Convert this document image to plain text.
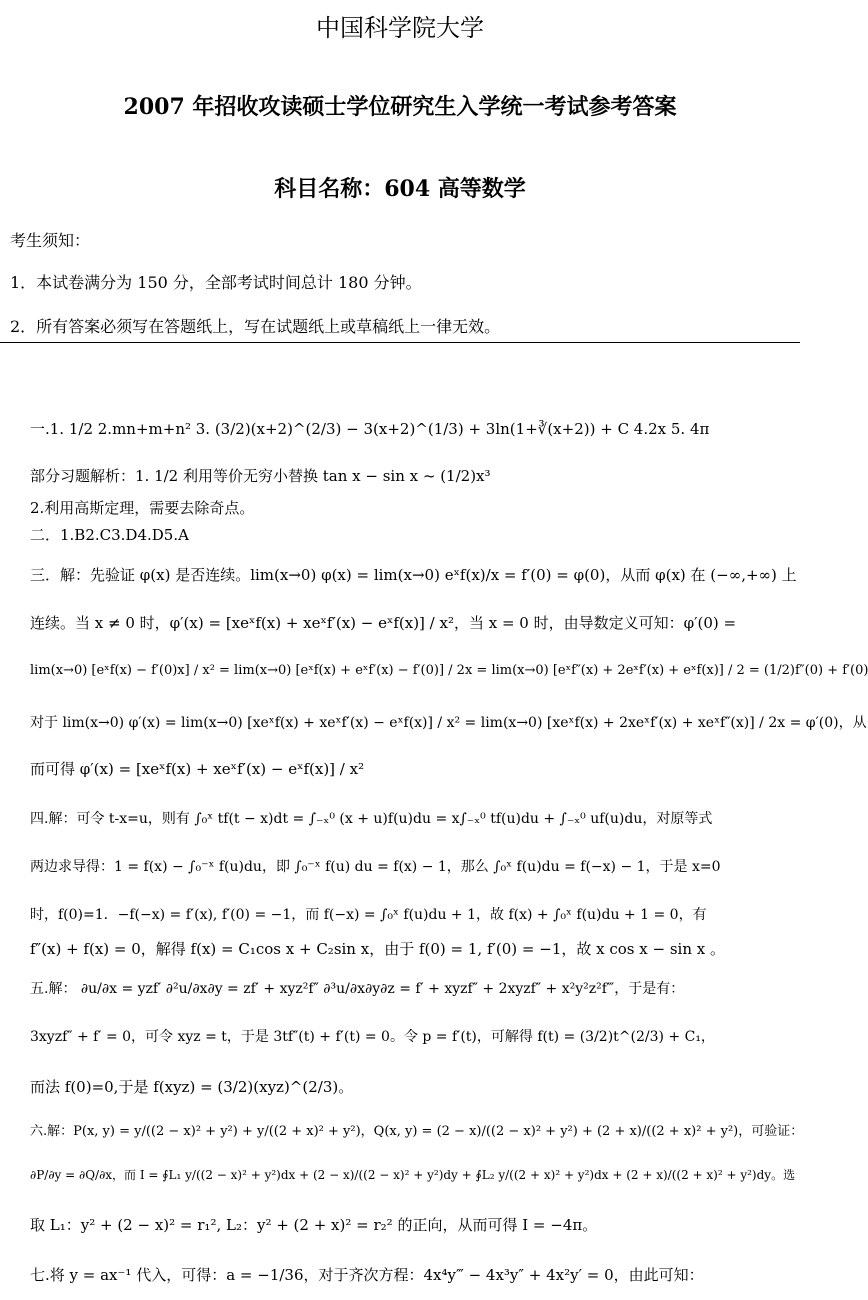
中国科学院大学
2007 年招收攻读硕士学位研究生入学统一考试参考答案
科目名称：604 高等数学
考生须知：
1．本试卷满分为 150 分，全部考试时间总计 180 分钟。
2．所有答案必须写在答题纸上，写在试题纸上或草稿纸上一律无效。
一.1. 1/2 2.mn+m+n² 3. (3/2)(x+2)^(2/3) − 3(x+2)^(1/3) + 3ln(1+∛(x+2)) + C 4.2x 5. 4π
部分习题解析：1. 1/2 利用等价无穷小替换 tan x − sin x ~ (1/2)x³
2.利用高斯定理，需要去除奇点。
二．1.B2.C3.D4.D5.A
三．解：先验证 φ(x) 是否连续。lim(x→0) φ(x) = lim(x→0) eˣf(x)/x = f′(0) = φ(0)，从而 φ(x) 在 (−∞,+∞) 上
连续。当 x ≠ 0 时，φ′(x) = [xeˣf(x) + xeˣf′(x) − eˣf(x)] / x²，当 x = 0 时，由导数定义可知：φ′(0) =
lim(x→0) [eˣf(x) − f′(0)x] / x² = lim(x→0) [eˣf(x) + eˣf′(x) − f′(0)] / 2x = lim(x→0) [eˣf″(x) + 2eˣf′(x) + eˣf(x)] / 2 = (1/2)f″(0) + f′(0)
对于 lim(x→0) φ′(x) = lim(x→0) [xeˣf(x) + xeˣf′(x) − eˣf(x)] / x² = lim(x→0) [xeˣf(x) + 2xeˣf′(x) + xeˣf″(x)] / 2x = φ′(0)，从
而可得 φ′(x) = [xeˣf(x) + xeˣf′(x) − eˣf(x)] / x²
四.解：可令 t-x=u，则有 ∫₀ˣ tf(t − x)dt = ∫₋ₓ⁰ (x + u)f(u)du = x∫₋ₓ⁰ tf(u)du + ∫₋ₓ⁰ uf(u)du，对原等式
两边求导得：1 = f(x) − ∫₀⁻ˣ f(u)du，即 ∫₀⁻ˣ f(u) du = f(x) − 1，那么 ∫₀ˣ f(u)du = f(−x) − 1，于是 x=0
时，f(0)=1．−f(−x) = f′(x), f′(0) = −1，而 f(−x) = ∫₀ˣ f(u)du + 1，故 f(x) + ∫₀ˣ f(u)du + 1 = 0，有
f″(x) + f(x) = 0，解得 f(x) = C₁cos x + C₂sin x，由于 f(0) = 1, f′(0) = −1，故 x cos x − sin x 。
五.解： ∂u/∂x = yzf′ ∂²u/∂x∂y = zf′ + xyz²f″ ∂³u/∂x∂y∂z = f′ + xyzf″ + 2xyzf″ + x²y²z²f‴，于是有：
3xyzf″ + f′ = 0，可令 xyz = t，于是 3tf″(t) + f′(t) = 0。令 p = f′(t)，可解得 f(t) = (3/2)t^(2/3) + C₁，
而法 f(0)=0,于是 f(xyz) = (3/2)(xyz)^(2/3)。
六.解：P(x, y) = y/((2 − x)² + y²) + y/((2 + x)² + y²)，Q(x, y) = (2 − x)/((2 − x)² + y²) + (2 + x)/((2 + x)² + y²)，可验证：
∂P/∂y = ∂Q/∂x，而 I = ∮L₁ y/((2 − x)² + y²)dx + (2 − x)/((2 − x)² + y²)dy + ∮L₂ y/((2 + x)² + y²)dx + (2 + x)/((2 + x)² + y²)dy。选
取 L₁：y² + (2 − x)² = r₁², L₂：y² + (2 + x)² = r₂² 的正向，从而可得 I = −4π。
七.将 y = ax⁻¹ 代入，可得：a = −1/36，对于齐次方程：4x⁴y‴ − 4x³y″ + 4x²y′ = 0，由此可知：
